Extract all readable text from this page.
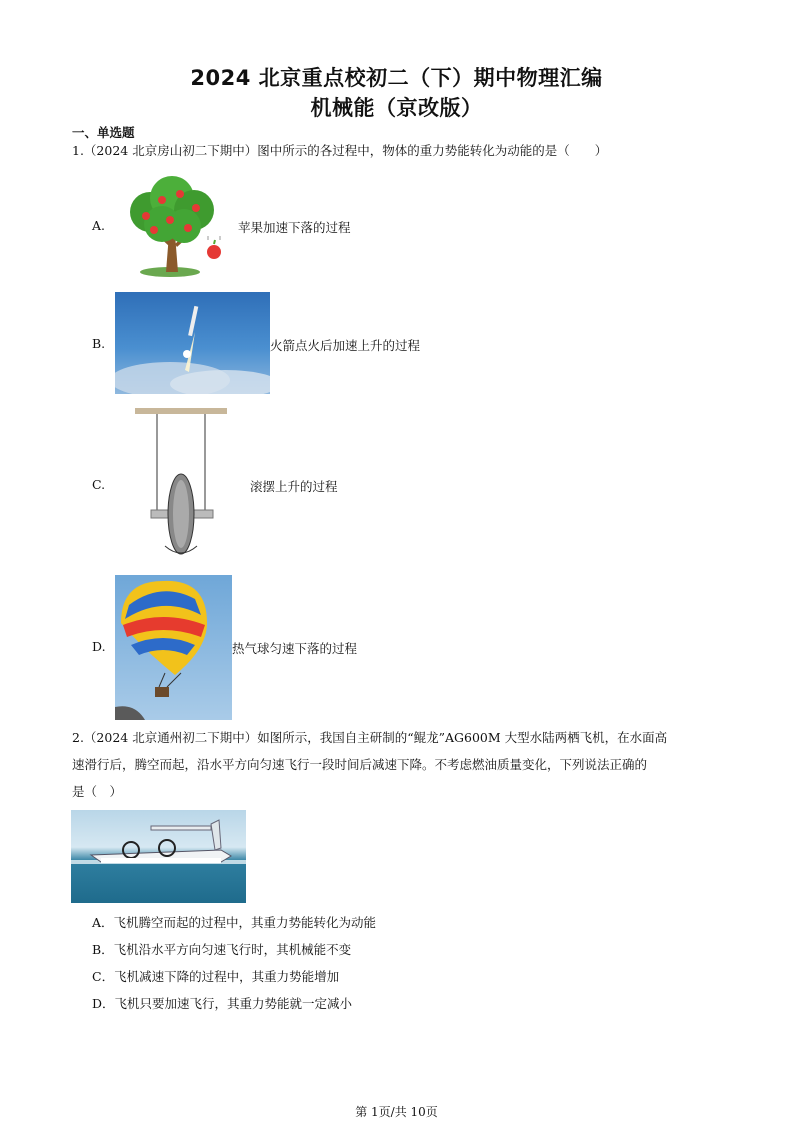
2024 北京重点校初二（下）期中物理汇编
机械能（京改版）
一、单选题
1.（2024 北京房山初二下期中）图中所示的各过程中，物体的重力势能转化为动能的是（　　）
A.	苹果加速下落的过程
B.	火箭点火后加速上升的过程
C.	滚摆上升的过程
D.	热气球匀速下落的过程
2.（2024 北京通州初二下期中）如图所示，我国自主研制的“鲲龙”AG600M 大型水陆两栖飞机，在水面高
速滑行后，腾空而起，沿水平方向匀速飞行一段时间后减速下降。不考虑燃油质量变化，下列说法正确的
是（　）
A．飞机腾空而起的过程中，其重力势能转化为动能
B．飞机沿水平方向匀速飞行时，其机械能不变
C．飞机减速下降的过程中，其重力势能增加
D．飞机只要加速飞行，其重力势能就一定减小
第 1页/共 10页
